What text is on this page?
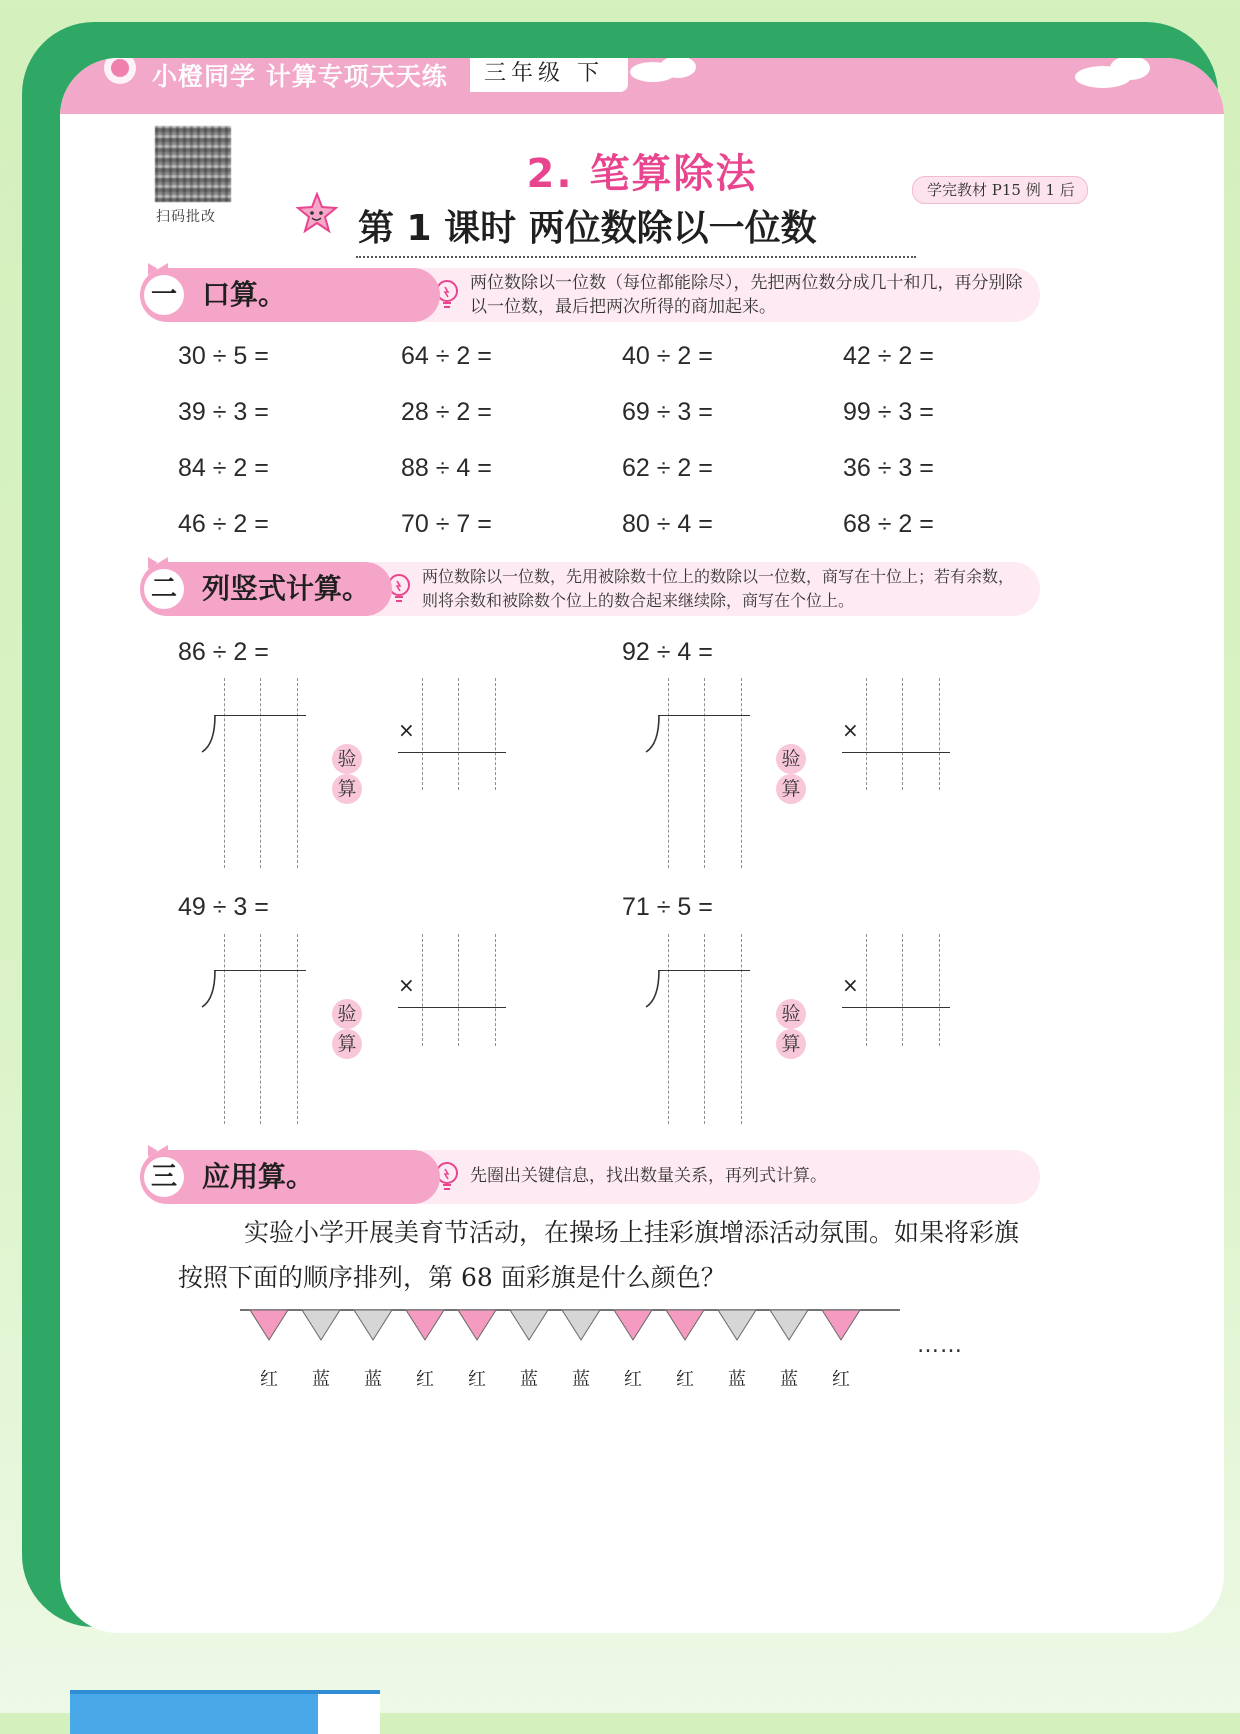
小橙同学 计算专项天天练	三年级 下
扫码批改
2. 笔算除法	学完教材 P15 例 1 后
第 1 课时 两位数除以一位数
两位数除以一位数（每位都能除尽），先把两位数分成几十和几，再分别除以一位数，最后把两次所得的商加起来。
一 口算。
30 ÷ 5 =	64 ÷ 2 =	40 ÷ 2 =	42 ÷ 2 =
39 ÷ 3 =	28 ÷ 2 =	69 ÷ 3 =	99 ÷ 3 =
84 ÷ 2 =	88 ÷ 4 =	62 ÷ 2 =	36 ÷ 3 =
46 ÷ 2 =	70 ÷ 7 =	80 ÷ 4 =	68 ÷ 2 =
两位数除以一位数，先用被除数十位上的数除以一位数，商写在十位上；若有余数，则将余数和被除数个位上的数合起来继续除，商写在个位上。
二 列竖式计算。
86 ÷ 2 =
验
算
×
92 ÷ 4 =
验
算
×
49 ÷ 3 =
验
算
×
71 ÷ 5 =
验
算
×
先圈出关键信息，找出数量关系，再列式计算。
三 应用算。
实验小学开展美育节活动，在操场上挂彩旗增添活动氛围。如果将彩旗
按照下面的顺序排列，第 68 面彩旗是什么颜色？
红	蓝	蓝	红	红	蓝	蓝	红	红	蓝	蓝	红
……
